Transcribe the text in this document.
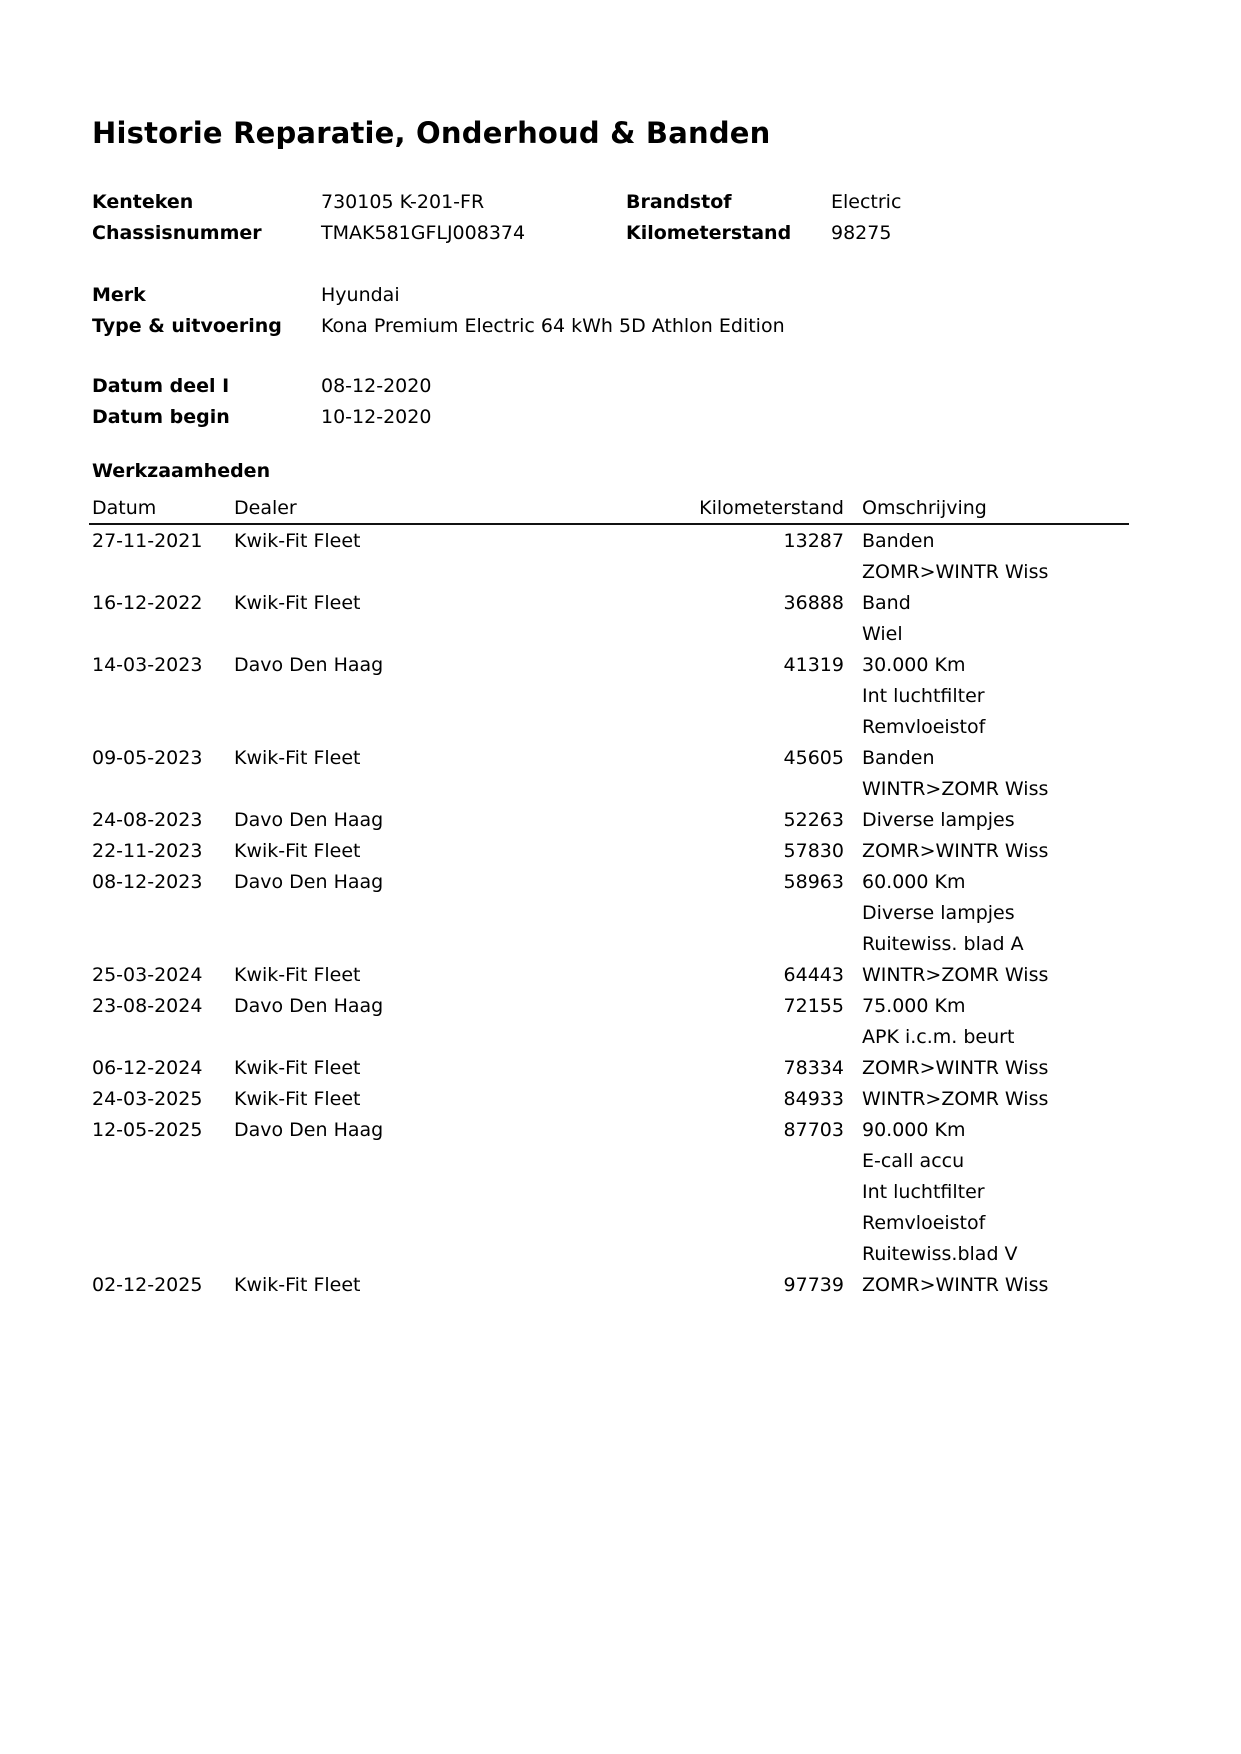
Historie Reparatie, Onderhoud & Banden
Kenteken	730105 K-201-FR	Brandstof	Electric
Chassisnummer	TMAK581GFLJ008374	Kilometerstand	98275
Merk	Hyundai
Type & uitvoering	Kona Premium Electric 64 kWh 5D Athlon Edition
Datum deel I	08-12-2020
Datum begin	10-12-2020
Werkzaamheden
Datum	Dealer	Kilometerstand Omschrijving
27-11-2021	Kwik-Fit Fleet	13287 Banden
ZOMR>WINTR Wiss
16-12-2022	Kwik-Fit Fleet	36888 Band
Wiel
14-03-2023	Davo Den Haag	41319 30.000 Km
Int luchtfilter
Remvloeistof
09-05-2023	Kwik-Fit Fleet	45605 Banden
WINTR>ZOMR Wiss
24-08-2023	Davo Den Haag	52263 Diverse lampjes
22-11-2023	Kwik-Fit Fleet	57830 ZOMR>WINTR Wiss
08-12-2023	Davo Den Haag	58963 60.000 Km
Diverse lampjes
Ruitewiss. blad A
25-03-2024	Kwik-Fit Fleet	64443 WINTR>ZOMR Wiss
23-08-2024	Davo Den Haag	72155 75.000 Km
APK i.c.m. beurt
06-12-2024	Kwik-Fit Fleet	78334 ZOMR>WINTR Wiss
24-03-2025	Kwik-Fit Fleet	84933 WINTR>ZOMR Wiss
12-05-2025	Davo Den Haag	87703 90.000 Km
E-call accu
Int luchtfilter
Remvloeistof
Ruitewiss.blad V
02-12-2025	Kwik-Fit Fleet	97739 ZOMR>WINTR Wiss
